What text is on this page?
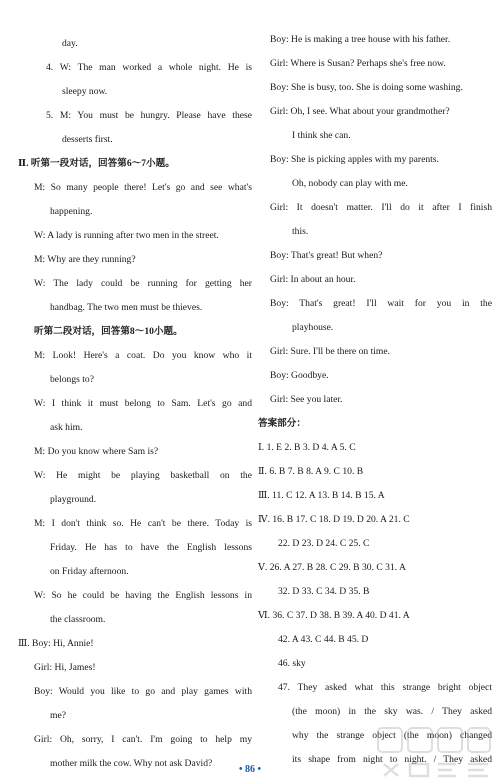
day.
4. W: The man worked a whole night. He is
sleepy now.
5. M: You must be hungry. Please have these
desserts first.
Ⅱ. 听第一段对话，回答第6～7小题。
M: So many people there! Let's go and see what's
happening.
W: A lady is running after two men in the street.
M: Why are they running?
W: The lady could be running for getting her
handbag. The two men must be thieves.
听第二段对话，回答第8～10小题。
M: Look! Here's a coat. Do you know who it
belongs to?
W: I think it must belong to Sam. Let's go and
ask him.
M: Do you know where Sam is?
W: He might be playing basketball on the
playground.
M: I don't think so. He can't be there. Today is
Friday. He has to have the English lessons
on Friday afternoon.
W: So he could be having the English lessons in
the classroom.
Ⅲ. Boy: Hi, Annie!
Girl: Hi, James!
Boy: Would you like to go and play games with
me?
Girl: Oh, sorry, I can't. I'm going to help my
mother milk the cow. Why not ask David?
Boy: He is making a tree house with his father.
Girl: Where is Susan? Perhaps she's free now.
Boy: She is busy, too. She is doing some washing.
Girl: Oh, I see. What about your grandmother?
I think she can.
Boy: She is picking apples with my parents.
Oh, nobody can play with me.
Girl: It doesn't matter. I'll do it after I finish
this.
Boy: That's great! But when?
Girl: In about an hour.
Boy: That's great! I'll wait for you in the
playhouse.
Girl: Sure. I'll be there on time.
Boy: Goodbye.
Girl: See you later.
答案部分：
Ⅰ. 1. E 2. B 3. D 4. A 5. C
Ⅱ. 6. B 7. B 8. A 9. C 10. B
Ⅲ. 11. C 12. A 13. B 14. B 15. A
Ⅳ. 16. B 17. C 18. D 19. D 20. A 21. C
22. D 23. D 24. C 25. C
Ⅴ. 26. A 27. B 28. C 29. B 30. C 31. A
32. D 33. C 34. D 35. B
Ⅵ. 36. C 37. D 38. B 39. A 40. D 41. A
42. A 43. C 44. B 45. D
46. sky
47. They asked what this strange bright object
(the moon) in the sky was. / They asked
why the strange object (the moon) changed
its shape from night to night. / They asked
• 86 •
